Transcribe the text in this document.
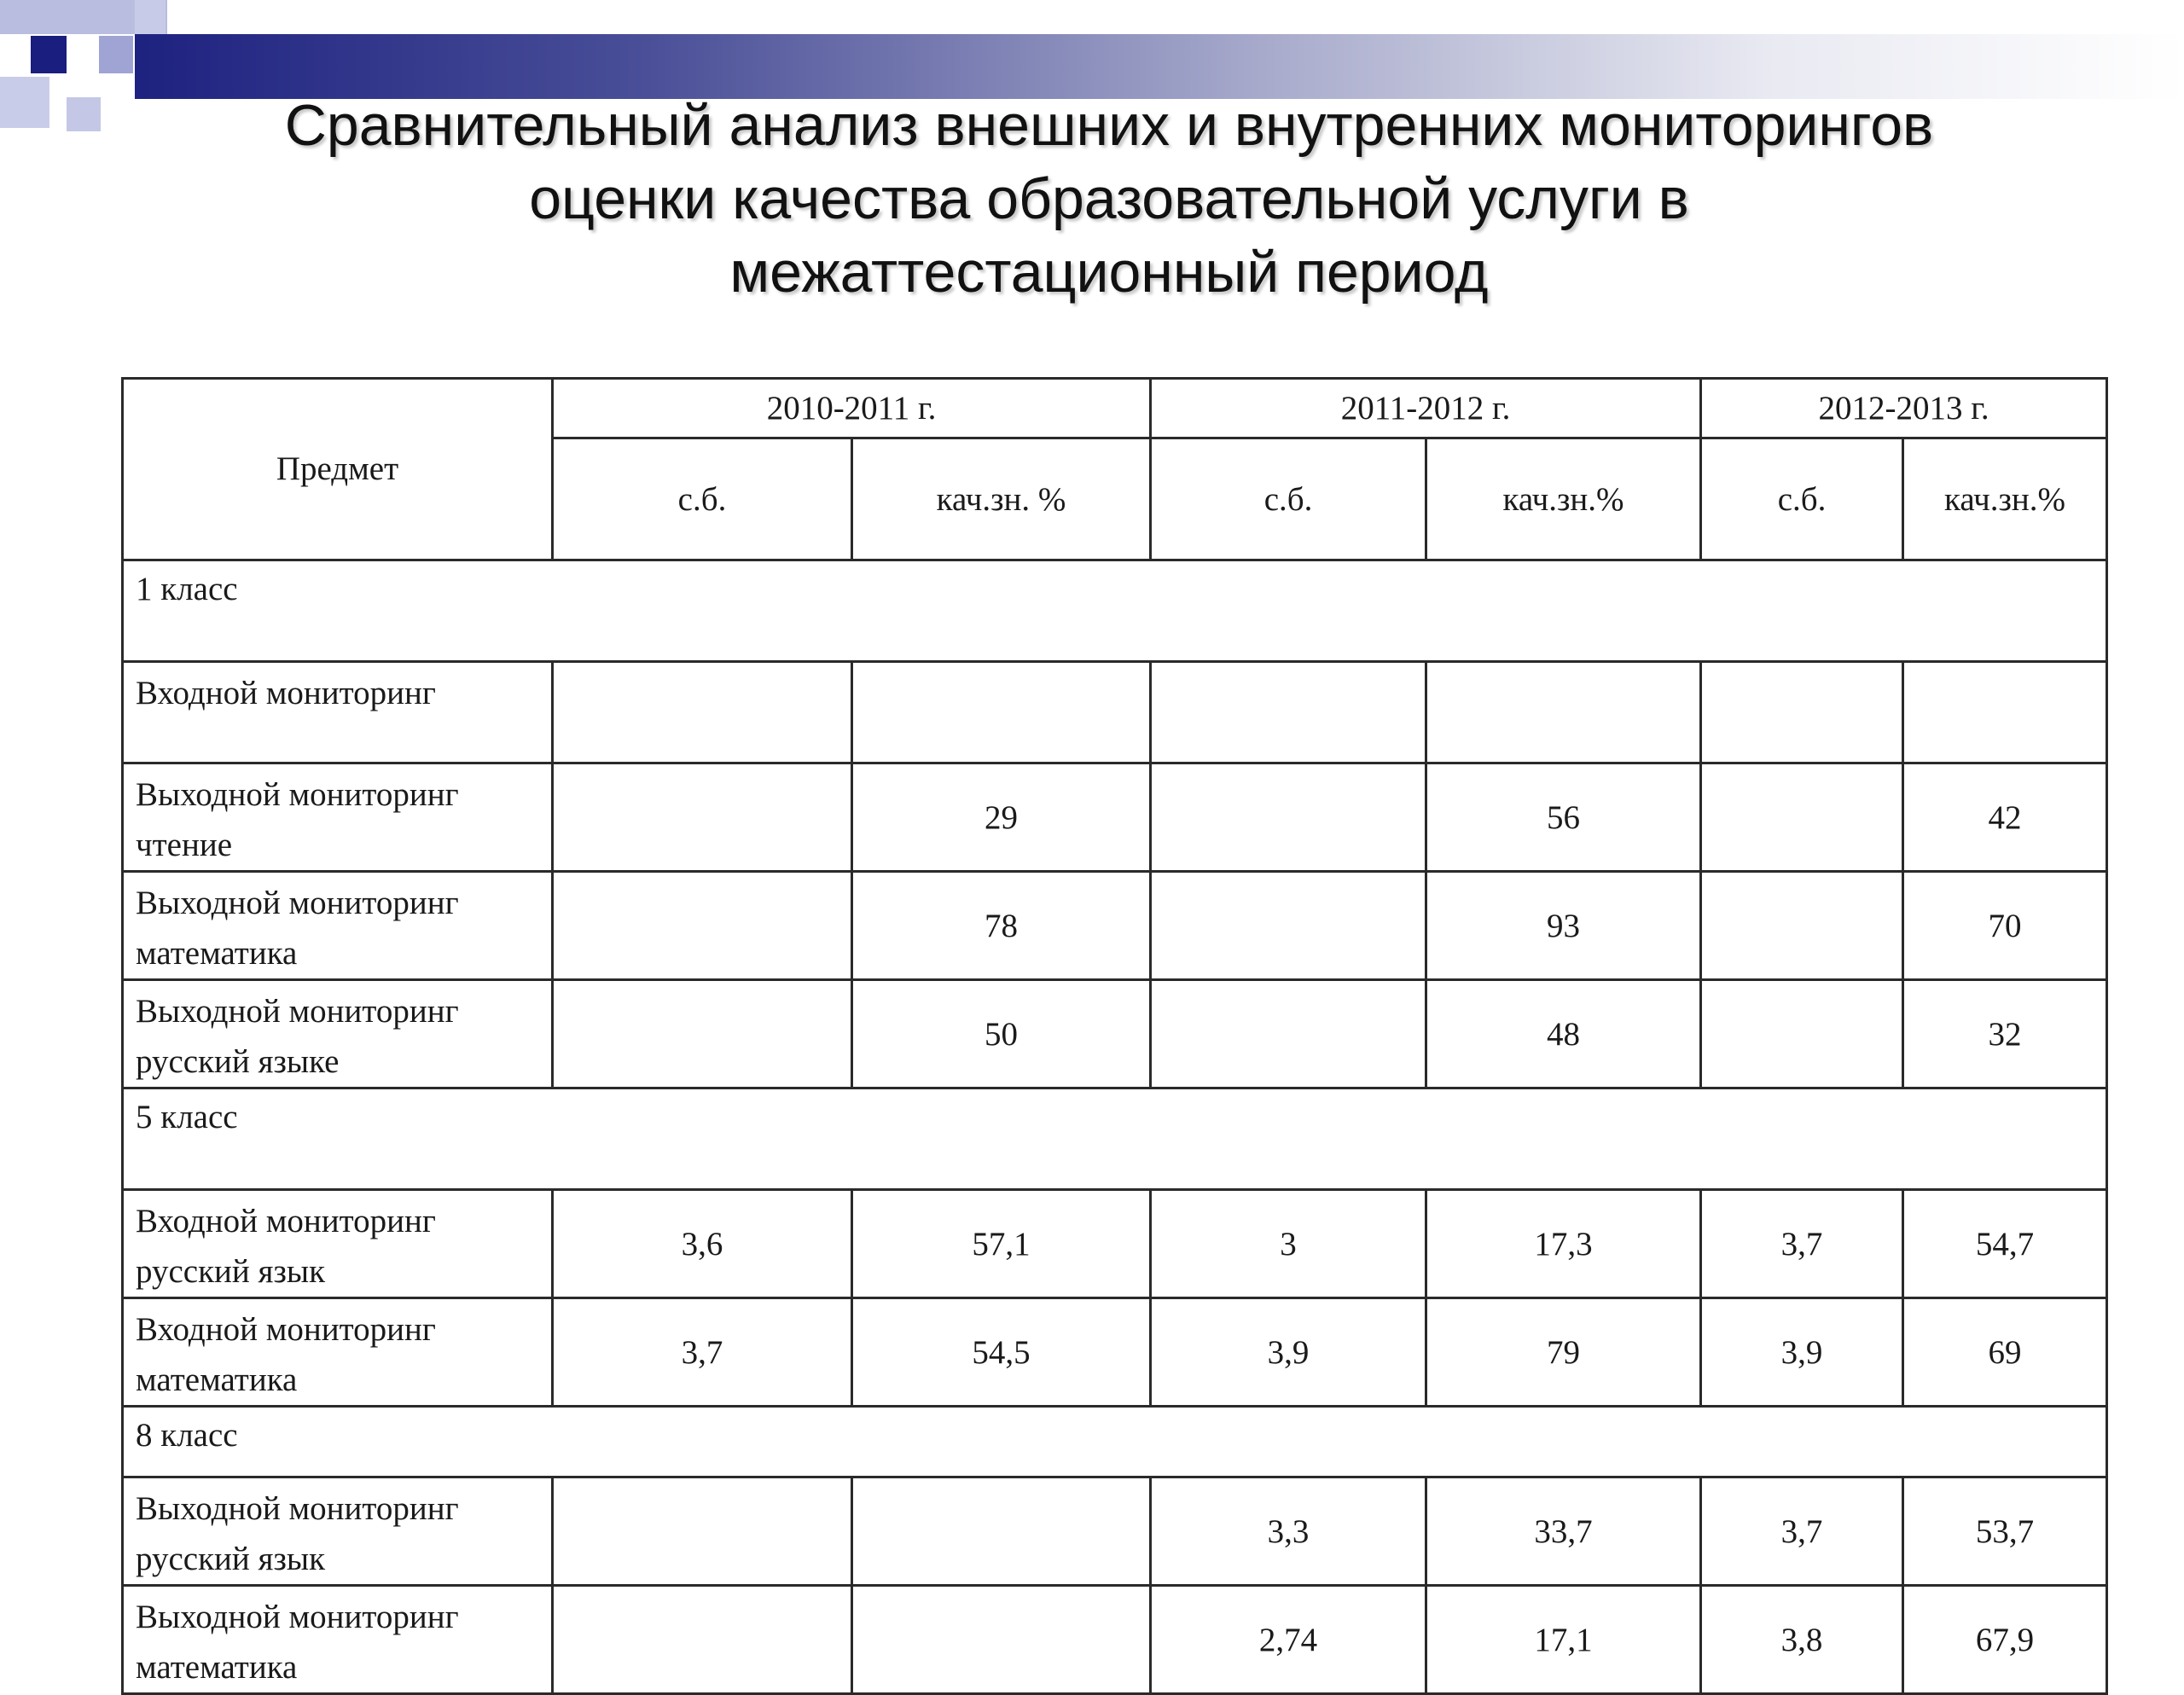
Сравнительный анализ внешних и внутренних мониторингов
оценки качества образовательной услуги в
межаттестационный период
Предмет	2010-2011 г.		2011-2012 г.		2012-2013 г.	
	с.б.	кач.зн. %	с.б.	кач.зн.%	с.б.	кач.зн.%
1 класс						
Входной мониторинг						
Выходной мониторинг чтение		29		56		42
Выходной мониторинг математика		78		93		70
Выходной мониторинг русский языке		50		48		32
5 класс						
Входной мониторинг русский язык	3,6	57,1	3	17,3	3,7	54,7
Входной мониторинг математика	3,7	54,5	3,9	79	3,9	69
8 класс						
Выходной мониторинг русский язык			3,3	33,7	3,7	53,7
Выходной мониторинг математика			2,74	17,1	3,8	67,9
